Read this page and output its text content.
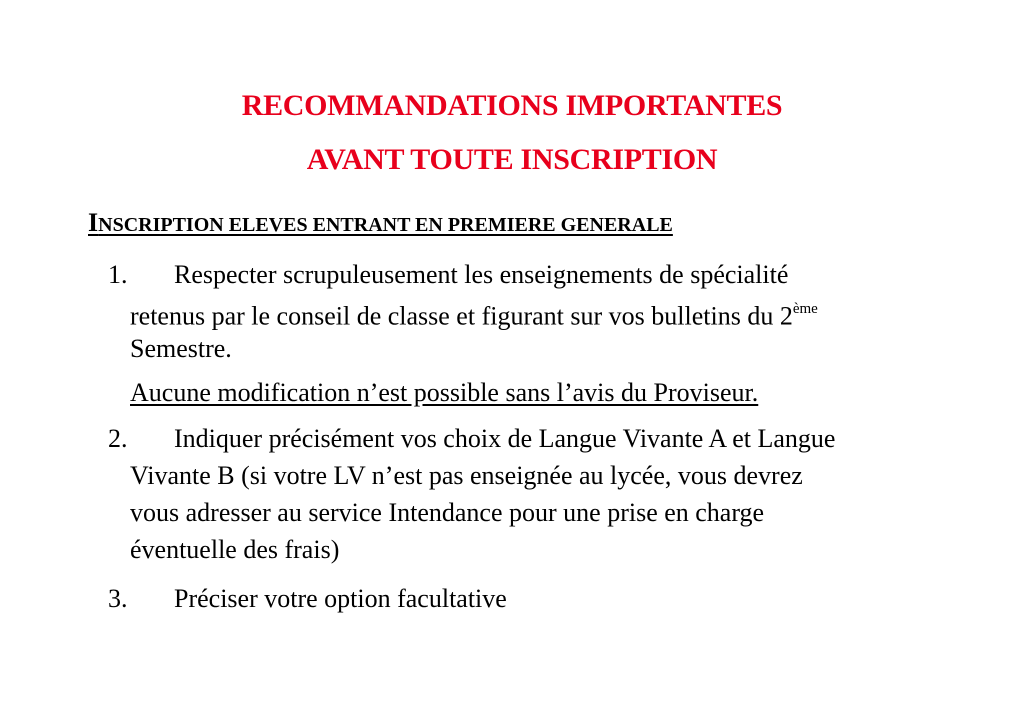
RECOMMANDATIONS IMPORTANTES
AVANT TOUTE INSCRIPTION
INSCRIPTION ELEVES ENTRANT EN PREMIERE GENERALE
1. Respecter scrupuleusement les enseignements de spécialité
retenus par le conseil de classe et figurant sur vos bulletins du 2ème
Semestre.
Aucune modification n’est possible sans l’avis du Proviseur.
2. Indiquer précisément vos choix de Langue Vivante A et Langue
Vivante B (si votre LV n’est pas enseignée au lycée, vous devrez
vous adresser au service Intendance pour une prise en charge
éventuelle des frais)
3. Préciser votre option facultative
